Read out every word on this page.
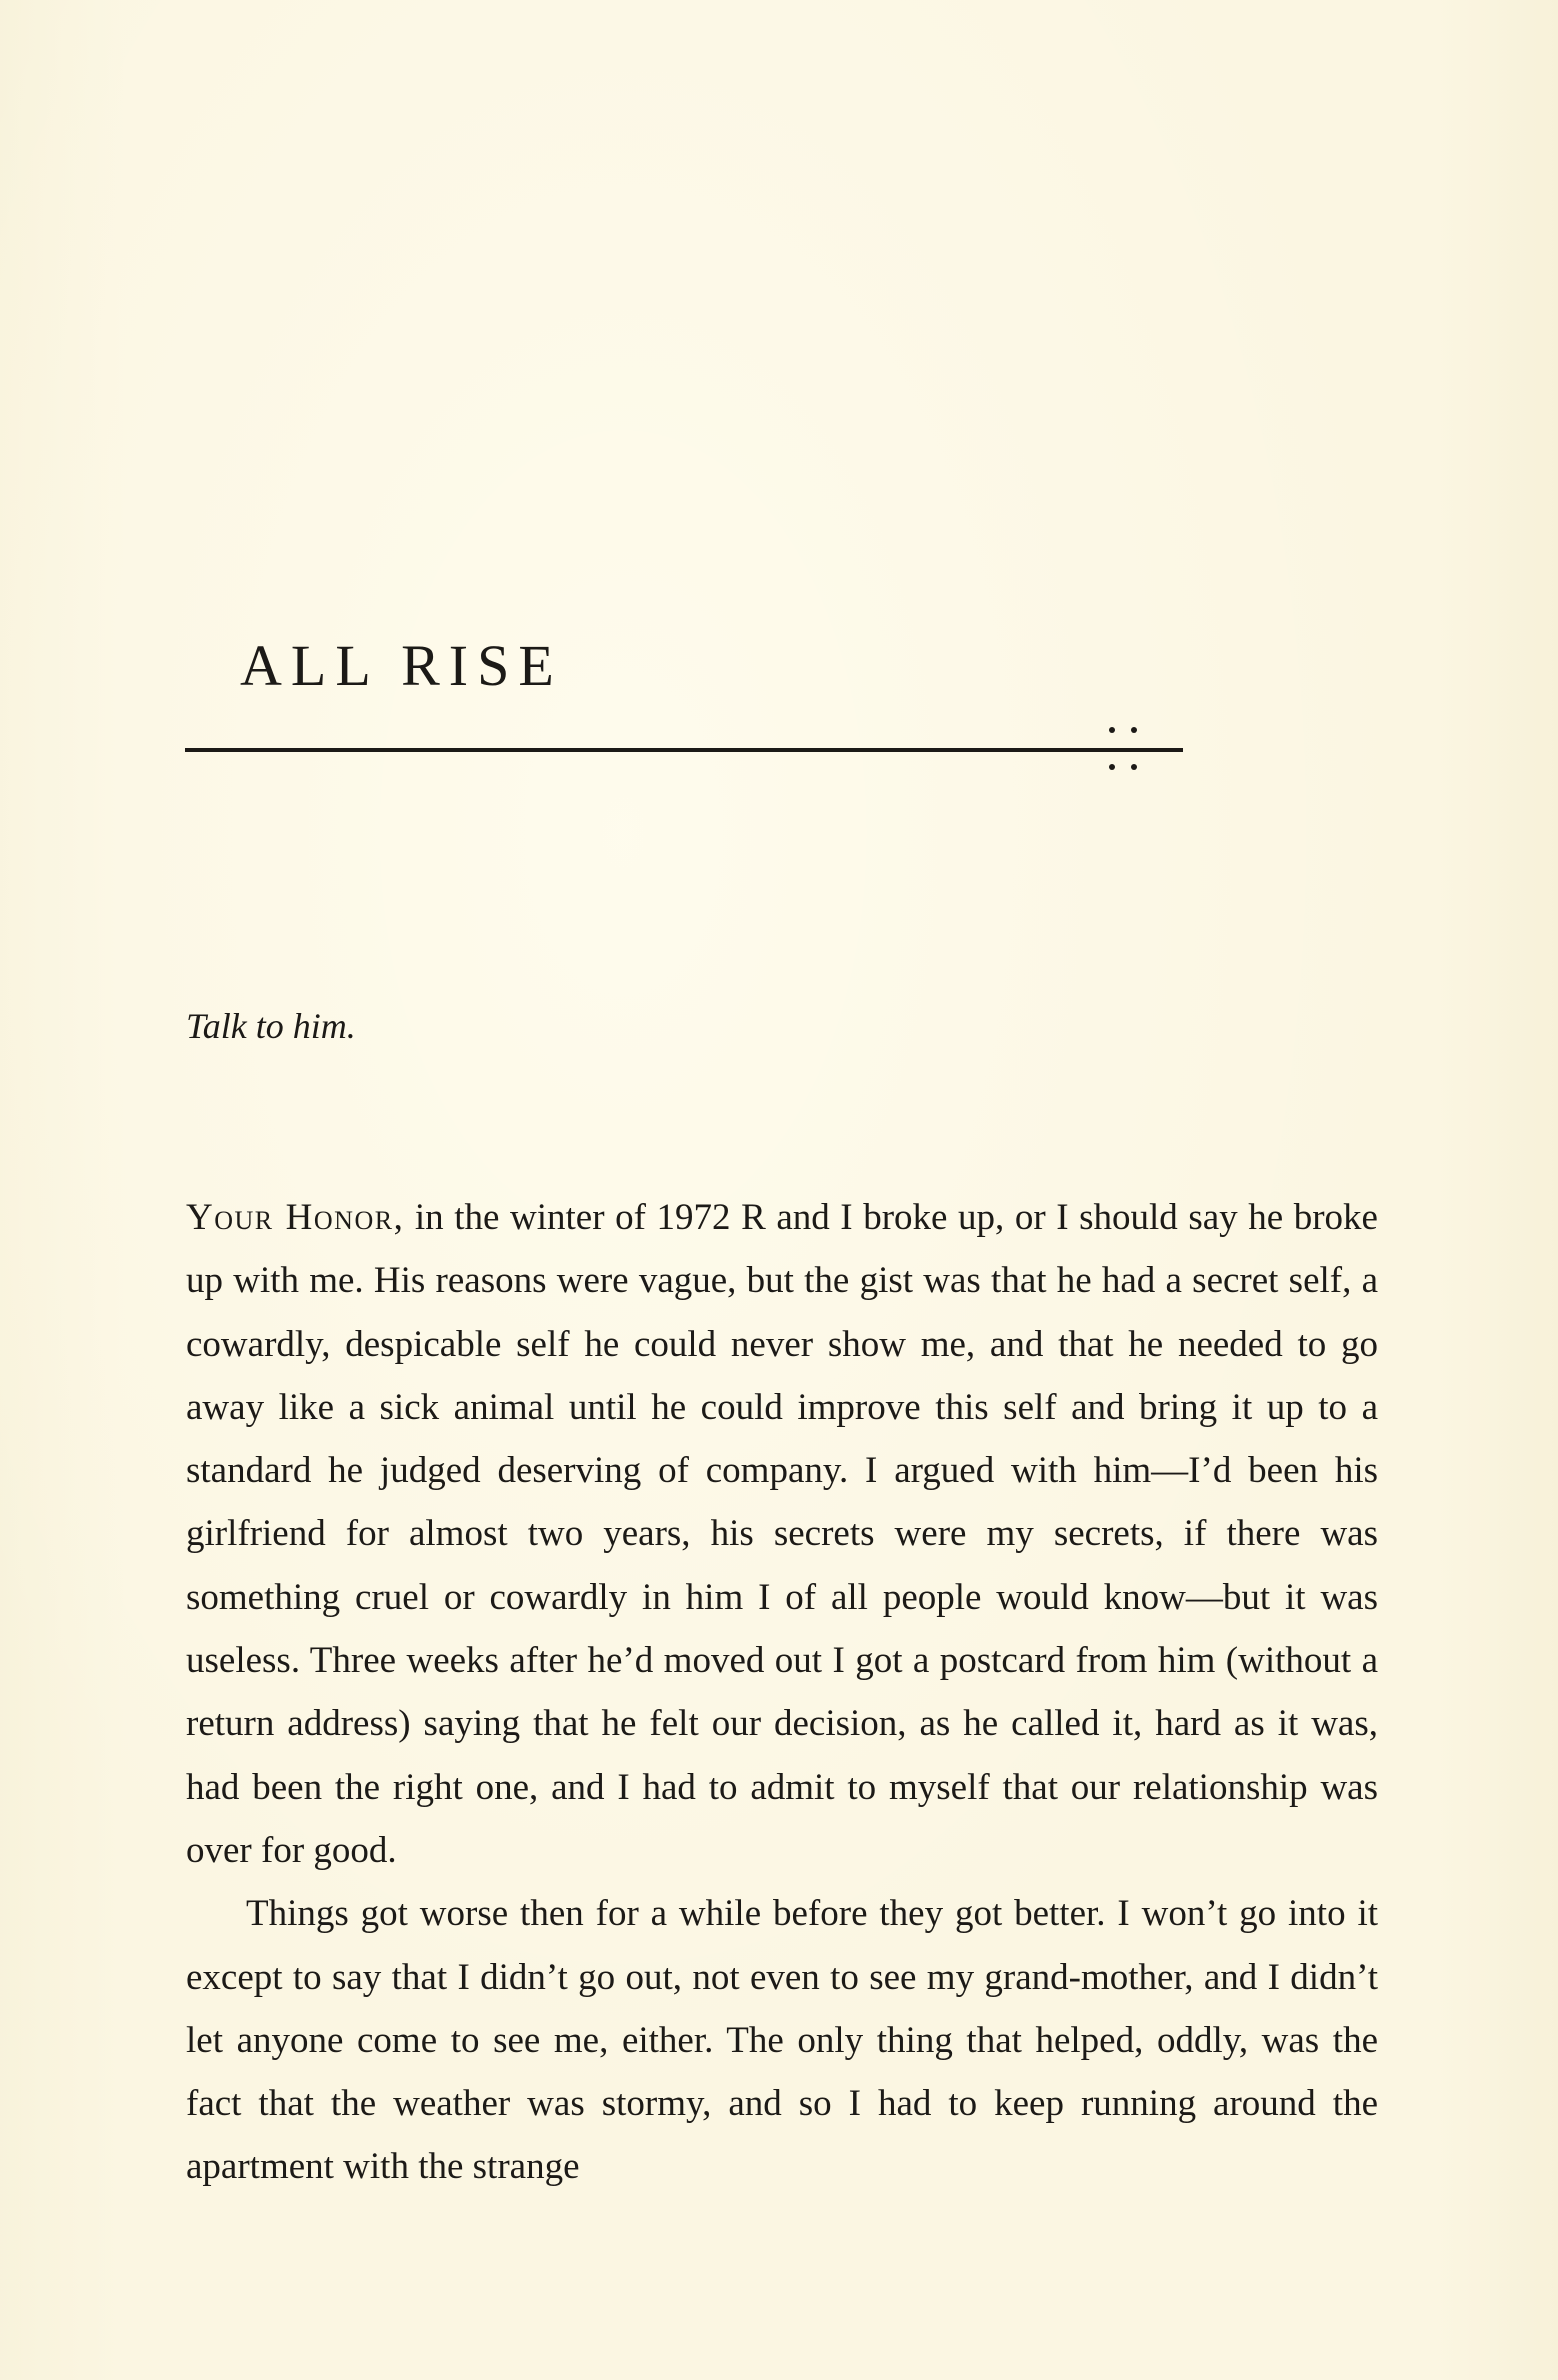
ALL RISE

Talk to him.

Your Honor, in the winter of 1972 R and I broke up, or I should say he broke up with me. His reasons were vague, but the gist was that he had a secret self, a cowardly, despicable self he could never show me, and that he needed to go away like a sick animal until he could improve this self and bring it up to a standard he judged deserving of company. I argued with him—I’d been his girlfriend for almost two years, his secrets were my secrets, if there was something cruel or cowardly in him I of all people would know—but it was useless. Three weeks after he’d moved out I got a postcard from him (without a return address) saying that he felt our decision, as he called it, hard as it was, had been the right one, and I had to admit to myself that our relationship was over for good.

Things got worse then for a while before they got better. I won’t go into it except to say that I didn’t go out, not even to see my grand-mother, and I didn’t let anyone come to see me, either. The only thing that helped, oddly, was the fact that the weather was stormy, and so I had to keep running around the apartment with the strange
